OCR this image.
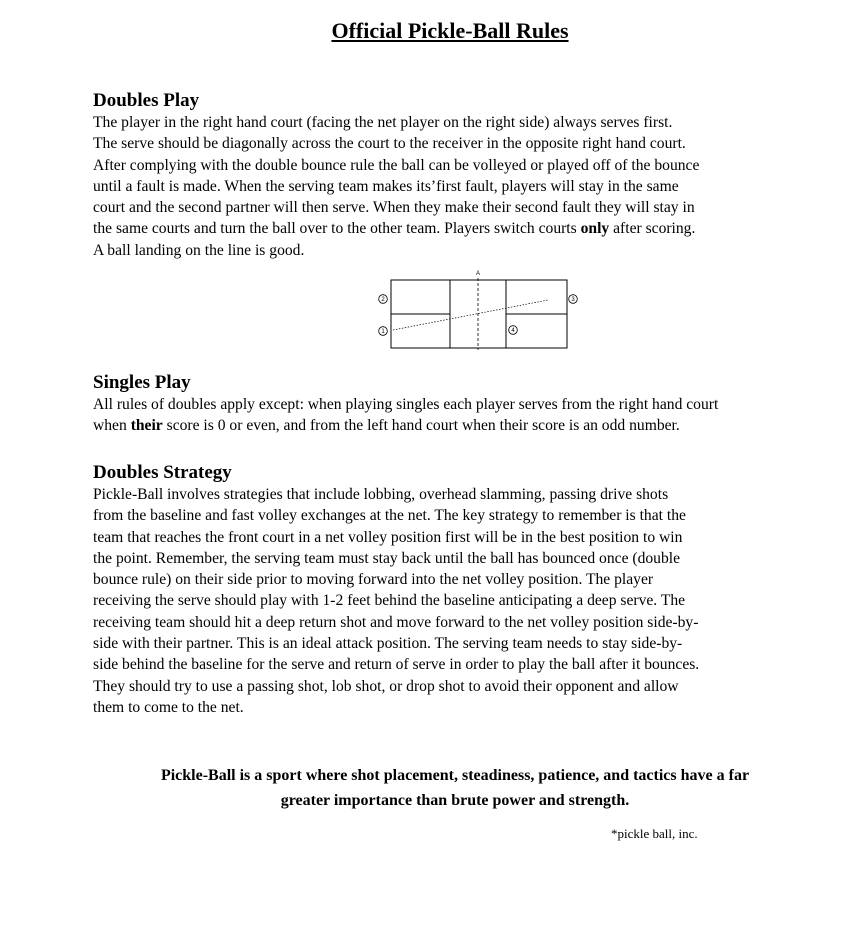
Official Pickle-Ball Rules

Doubles Play

The player in the right hand court (facing the net player on the right side) always serves first.
The serve should be diagonally across the court to the receiver in the opposite right hand court.
After complying with the double bounce rule the ball can be volleyed or played off of the bounce
until a fault is made. When the serving team makes its’first fault, players will stay in the same
court and the second partner will then serve. When they make their second fault they will stay in
the same courts and turn the ball over to the other team. Players switch courts only after scoring.
A ball landing on the line is good.

A
1
2	3
4

Singles Play

All rules of doubles apply except: when playing singles each player serves from the right hand court
when their score is 0 or even, and from the left hand court when their score is an odd number.

Doubles Strategy

Pickle-Ball involves strategies that include lobbing, overhead slamming, passing drive shots
from the baseline and fast volley exchanges at the net. The key strategy to remember is that the
team that reaches the front court in a net volley position first will be in the best position to win
the point. Remember, the serving team must stay back until the ball has bounced once (double
bounce rule) on their side prior to moving forward into the net volley position. The player
receiving the serve should play with 1-2 feet behind the baseline anticipating a deep serve. The
receiving team should hit a deep return shot and move forward to the net volley position side-by-
side with their partner. This is an ideal attack position. The serving team needs to stay side-by-
side behind the baseline for the serve and return of serve in order to play the ball after it bounces.
They should try to use a passing shot, lob shot, or drop shot to avoid their opponent and allow
them to come to the net.

Pickle-Ball is a sport where shot placement, steadiness, patience, and tactics have a far
greater importance than brute power and strength.
*pickle ball, inc.
